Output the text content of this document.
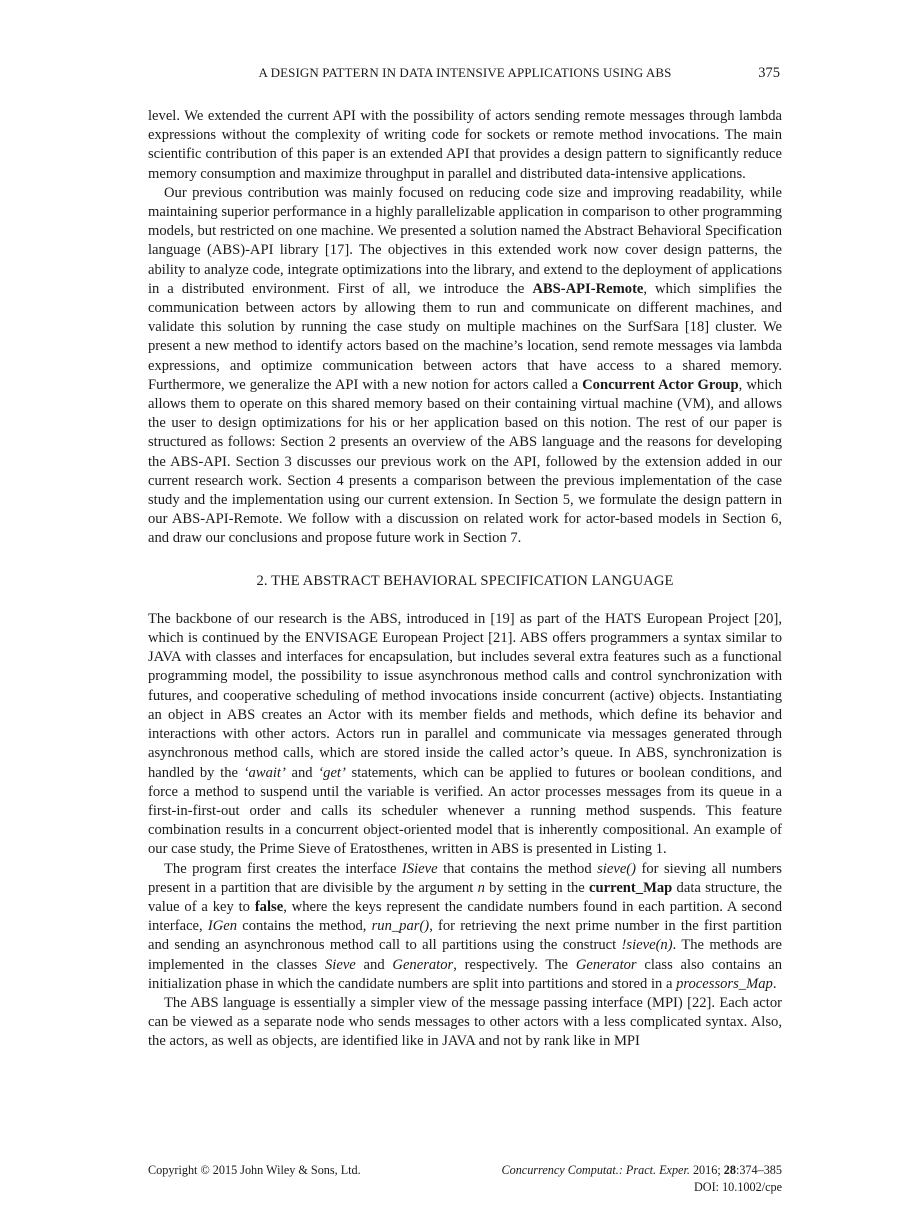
A DESIGN PATTERN IN DATA INTENSIVE APPLICATIONS USING ABS	375

level. We extended the current API with the possibility of actors sending remote messages through lambda expressions without the complexity of writing code for sockets or remote method invocations. The main scientific contribution of this paper is an extended API that provides a design pattern to significantly reduce memory consumption and maximize throughput in parallel and distributed data-intensive applications.

Our previous contribution was mainly focused on reducing code size and improving readability, while maintaining superior performance in a highly parallelizable application in comparison to other programming models, but restricted on one machine. We presented a solution named the Abstract Behavioral Specification language (ABS)-API library [17]. The objectives in this extended work now cover design patterns, the ability to analyze code, integrate optimizations into the library, and extend to the deployment of applications in a distributed environment. First of all, we introduce the ABS-API-Remote, which simplifies the communication between actors by allowing them to run and communicate on different machines, and validate this solution by running the case study on multiple machines on the SurfSara [18] cluster. We present a new method to identify actors based on the machine’s location, send remote messages via lambda expressions, and optimize communication between actors that have access to a shared memory. Furthermore, we generalize the API with a new notion for actors called a Concurrent Actor Group, which allows them to operate on this shared memory based on their containing virtual machine (VM), and allows the user to design optimizations for his or her application based on this notion. The rest of our paper is structured as follows: Section 2 presents an overview of the ABS language and the reasons for developing the ABS-API. Section 3 discusses our previous work on the API, followed by the extension added in our current research work. Section 4 presents a comparison between the previous implementation of the case study and the implementation using our current extension. In Section 5, we formulate the design pattern in our ABS-API-Remote. We follow with a discussion on related work for actor-based models in Section 6, and draw our conclusions and propose future work in Section 7.

2. THE ABSTRACT BEHAVIORAL SPECIFICATION LANGUAGE

The backbone of our research is the ABS, introduced in [19] as part of the HATS European Project [20], which is continued by the ENVISAGE European Project [21]. ABS offers programmers a syntax similar to JAVA with classes and interfaces for encapsulation, but includes several extra features such as a functional programming model, the possibility to issue asynchronous method calls and control synchronization with futures, and cooperative scheduling of method invocations inside concurrent (active) objects. Instantiating an object in ABS creates an Actor with its member fields and methods, which define its behavior and interactions with other actors. Actors run in parallel and communicate via messages generated through asynchronous method calls, which are stored inside the called actor’s queue. In ABS, synchronization is handled by the ‘await’ and ‘get’ statements, which can be applied to futures or boolean conditions, and force a method to suspend until the variable is verified. An actor processes messages from its queue in a first-in-first-out order and calls its scheduler whenever a running method suspends. This feature combination results in a concurrent object-oriented model that is inherently compositional. An example of our case study, the Prime Sieve of Eratosthenes, written in ABS is presented in Listing 1.

The program first creates the interface ISieve that contains the method sieve() for sieving all numbers present in a partition that are divisible by the argument n by setting in the current_Map data structure, the value of a key to false, where the keys represent the candidate numbers found in each partition. A second interface, IGen contains the method, run_par(), for retrieving the next prime number in the first partition and sending an asynchronous method call to all partitions using the construct !sieve(n). The methods are implemented in the classes Sieve and Generator, respectively. The Generator class also contains an initialization phase in which the candidate numbers are split into partitions and stored in a processors_Map.

The ABS language is essentially a simpler view of the message passing interface (MPI) [22]. Each actor can be viewed as a separate node who sends messages to other actors with a less complicated syntax. Also, the actors, as well as objects, are identified like in JAVA and not by rank like in MPI

Copyright © 2015 John Wiley & Sons, Ltd.	Concurrency Computat.: Pract. Exper. 2016; 28:374–385
DOI: 10.1002/cpe
